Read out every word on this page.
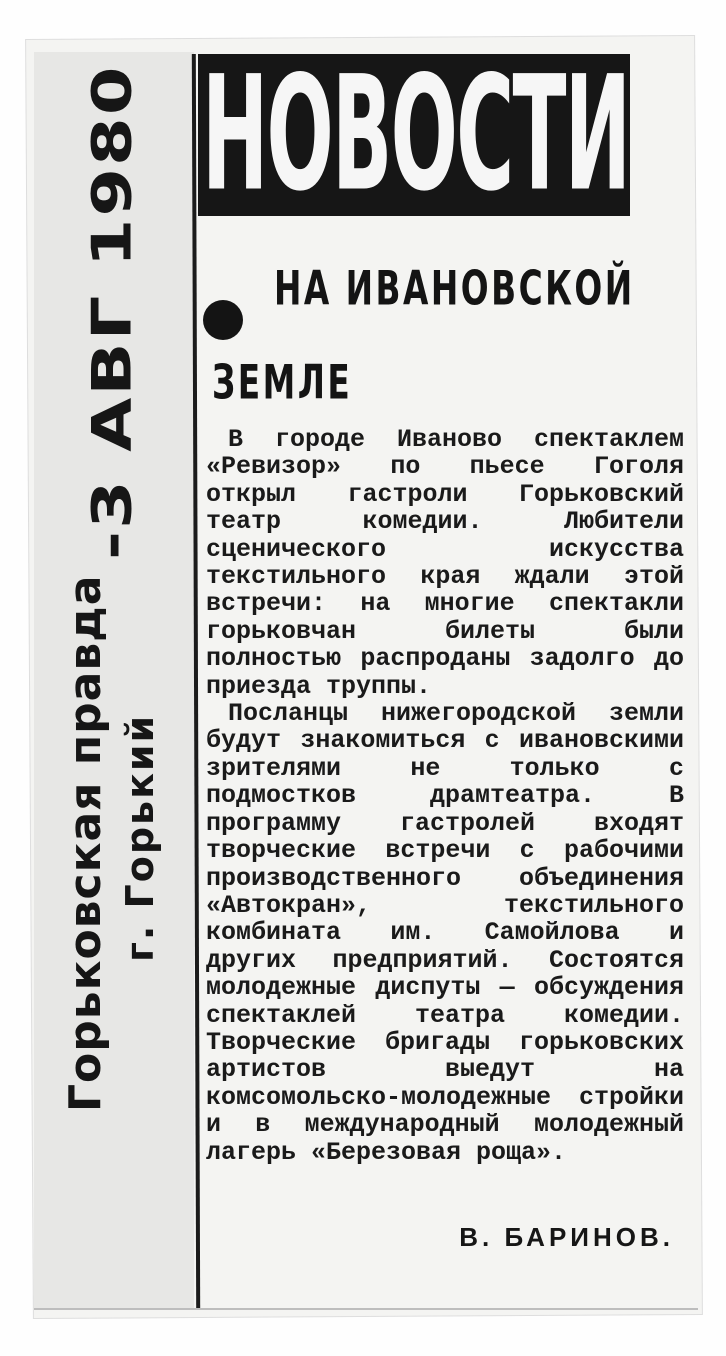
-3 АВГ 1980
Горьковская правда г. Горький
НОВОСТИ
НА ИВАНОВСКОЙ
ЗЕМЛЕ

В городе Иваново спектаклем «Ревизор» по пьесе Гоголя открыл гастроли Горьковский театр комедии. Любители сценического искусства текстильного края ждали этой встречи: на многие спектакли горьковчан билеты были полностью распроданы задолго до приезда труппы.

Посланцы нижегородской земли будут знакомиться с ивановскими зрителями не только с подмостков драмтеатра. В программу гастролей входят творческие встречи с рабочими производственного объединения «Автокран», текстильного комбината им. Самойлова и других предприятий. Состоятся молодежные диспуты — обсуждения спектаклей театра комедии. Творческие бригады горьковских артистов выедут на комсомольско-молодежные стройки и в международный молодежный лагерь «Березовая роща».

В. БАРИНОВ.
